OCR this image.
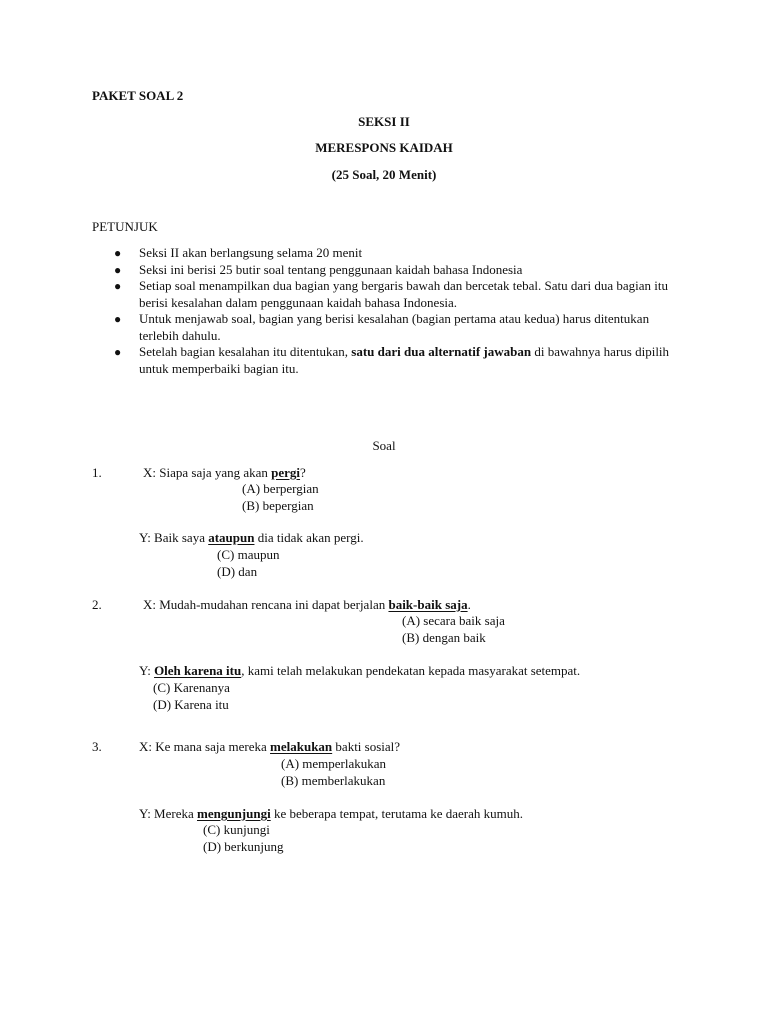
PAKET SOAL 2
SEKSI II
MERESPONS KAIDAH
(25 Soal, 20 Menit)
PETUNJUK
● Seksi II akan berlangsung selama 20 menit
● Seksi ini berisi 25 butir soal tentang penggunaan kaidah bahasa Indonesia
● Setiap soal menampilkan dua bagian yang bergaris bawah dan bercetak tebal. Satu dari dua bagian itu berisi kesalahan dalam penggunaan kaidah bahasa Indonesia.
● Untuk menjawab soal, bagian yang berisi kesalahan (bagian pertama atau kedua) harus ditentukan terlebih dahulu.
● Setelah bagian kesalahan itu ditentukan, satu dari dua alternatif jawaban di bawahnya harus dipilih untuk memperbaiki bagian itu.
Soal
1.	X: Siapa saja yang akan pergi?
(A) berpergian
(B) bepergian
Y: Baik saya ataupun dia tidak akan pergi.
(C) maupun
(D) dan
2.	X: Mudah-mudahan rencana ini dapat berjalan baik-baik saja.
(A) secara baik saja
(B) dengan baik
Y: Oleh karena itu, kami telah melakukan pendekatan kepada masyarakat setempat.
(C) Karenanya
(D) Karena itu
3.	X: Ke mana saja mereka melakukan bakti sosial?
(A) memperlakukan
(B) memberlakukan
Y: Mereka mengunjungi ke beberapa tempat, terutama ke daerah kumuh.
(C) kunjungi
(D) berkunjung
